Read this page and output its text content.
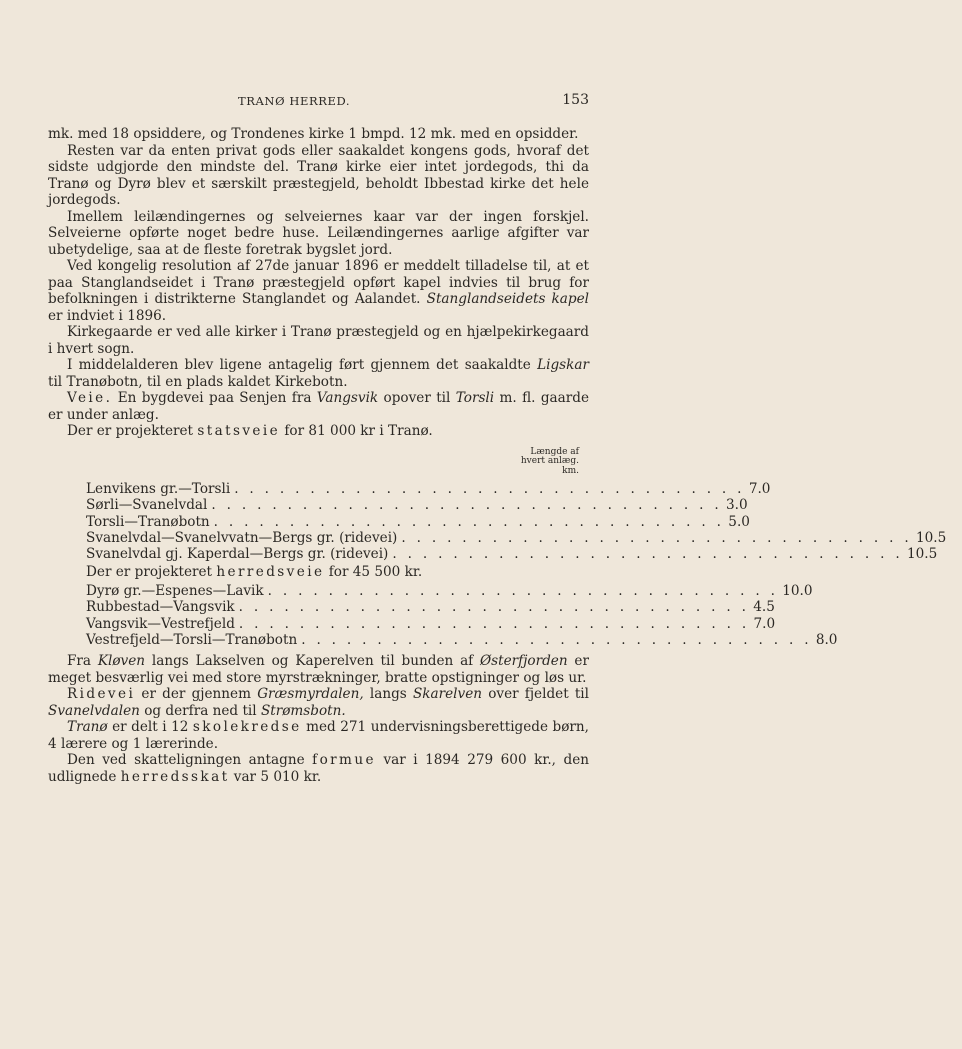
TRANØ HERRED.	153

mk. med 18 opsiddere, og Trondenes kirke 1 bmpd. 12 mk. med en opsidder.

Resten var da enten privat gods eller saakaldet kongens gods, hvoraf det sidste udgjorde den mindste del. Tranø kirke eier intet jordegods, thi da Tranø og Dyrø blev et særskilt præstegjeld, beholdt Ibbestad kirke det hele jordegods.

Imellem leilændingernes og selveiernes kaar var der ingen forskjel. Selveierne opførte noget bedre huse. Leilændingernes aarlige afgifter var ubetydelige, saa at de fleste foretrak bygslet jord.

Ved kongelig resolution af 27de januar 1896 er meddelt tilladelse til, at et paa Stanglandseidet i Tranø præstegjeld opført kapel indvies til brug for befolkningen i distrikterne Stanglandet og Aalandet. Stanglandseidets kapel er indviet i 1896.

Kirkegaarde er ved alle kirker i Tranø præstegjeld og en hjælpekirkegaard i hvert sogn.

I middelalderen blev ligene antagelig ført gjennem det saakaldte Ligskar til Tranøbotn, til en plads kaldet Kirkebotn.

Veie. En bygdevei paa Senjen fra Vangsvik opover til Torsli m. fl. gaarde er under anlæg.

Der er projekteret statsveie for 81 000 kr i Tranø.

Længde af
hvert anlæg.
km.
Lenvikens gr.—Torsli . . . . . . . . . . . . . . . . . . . . . . . . . . . . . . . . . . 7.0
Sørli—Svanelvdal . . . . . . . . . . . . . . . . . . . . . . . . . . . . . . . . . . 3.0
Torsli—Tranøbotn . . . . . . . . . . . . . . . . . . . . . . . . . . . . . . . . . . 5.0
Svanelvdal—Svanelvvatn—Bergs gr. (ridevei) . . . . . . . . . . . . . . . . . . . . . . . . . . . . . . . . . . 10.5
Svanelvdal gj. Kaperdal—Bergs gr. (ridevei) . . . . . . . . . . . . . . . . . . . . . . . . . . . . . . . . . . 10.5

Der er projekteret herredsveie for 45 500 kr.

Dyrø gr.—Espenes—Lavik . . . . . . . . . . . . . . . . . . . . . . . . . . . . . . . . . . 10.0
Rubbestad—Vangsvik . . . . . . . . . . . . . . . . . . . . . . . . . . . . . . . . . . 4.5
Vangsvik—Vestrefjeld . . . . . . . . . . . . . . . . . . . . . . . . . . . . . . . . . . 7.0
Vestrefjeld—Torsli—Tranøbotn . . . . . . . . . . . . . . . . . . . . . . . . . . . . . . . . . . 8.0

Fra Kløven langs Lakselven og Kaperelven til bunden af Østerfjorden er meget besværlig vei med store myrstrækninger, bratte opstigninger og løs ur.

Ridevei er der gjennem Græsmyrdalen, langs Skarelven over fjeldet til Svanelvdalen og derfra ned til Strømsbotn.

Tranø er delt i 12 skolekredse med 271 undervisningsberettigede børn, 4 lærere og 1 lærerinde.

Den ved skatteligningen antagne formue var i 1894 279 600 kr., den udlignede herredsskat var 5 010 kr.
